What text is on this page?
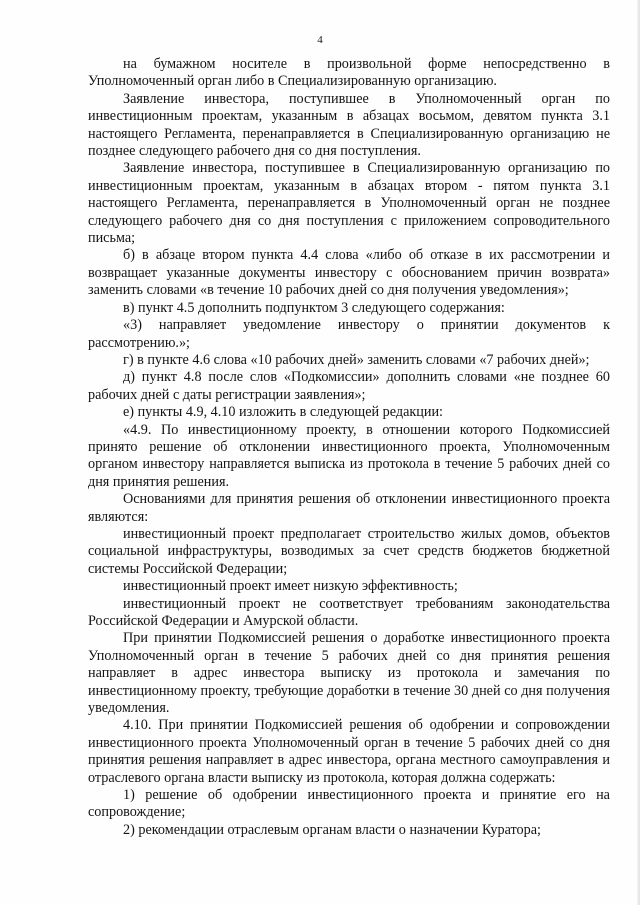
4

на бумажном носителе в произвольной форме непосредственно в Уполномоченный орган либо в Специализированную организацию.

Заявление инвестора, поступившее в Уполномоченный орган по инвестиционным проектам, указанным в абзацах восьмом, девятом пункта 3.1 настоящего Регламента, перенаправляется в Специализированную организацию не позднее следующего рабочего дня со дня поступления.

Заявление инвестора, поступившее в Специализированную организацию по инвестиционным проектам, указанным в абзацах втором - пятом пункта 3.1 настоящего Регламента, перенаправляется в Уполномоченный орган не позднее следующего рабочего дня со дня поступления с приложением сопроводительного письма;

б) в абзаце втором пункта 4.4 слова «либо об отказе в их рассмотрении и возвращает указанные документы инвестору с обоснованием причин возврата» заменить словами «в течение 10 рабочих дней со дня получения уведомления»;

в) пункт 4.5 дополнить подпунктом 3 следующего содержания:

«3) направляет уведомление инвестору о принятии документов к рассмотрению.»;

г) в пункте 4.6 слова «10 рабочих дней» заменить словами «7 рабочих дней»;

д) пункт 4.8 после слов «Подкомиссии» дополнить словами «не позднее 60 рабочих дней с даты регистрации заявления»;

е) пункты 4.9, 4.10 изложить в следующей редакции:

«4.9. По инвестиционному проекту, в отношении которого Подкомиссией принято решение об отклонении инвестиционного проекта, Уполномоченным органом инвестору направляется выписка из протокола в течение 5 рабочих дней со дня принятия решения.

Основаниями для принятия решения об отклонении инвестиционного проекта являются:

инвестиционный проект предполагает строительство жилых домов, объектов социальной инфраструктуры, возводимых за счет средств бюджетов бюджетной системы Российской Федерации;

инвестиционный проект имеет низкую эффективность;

инвестиционный проект не соответствует требованиям законодательства Российской Федерации и Амурской области.

При принятии Подкомиссией решения о доработке инвестиционного проекта Уполномоченный орган в течение 5 рабочих дней со дня принятия решения направляет в адрес инвестора выписку из протокола и замечания по инвестиционному проекту, требующие доработки в течение 30 дней со дня получения уведомления.

4.10. При принятии Подкомиссией решения об одобрении и сопровождении инвестиционного проекта Уполномоченный орган в течение 5 рабочих дней со дня принятия решения направляет в адрес инвестора, органа местного самоуправления и отраслевого органа власти выписку из протокола, которая должна содержать:

1) решение об одобрении инвестиционного проекта и принятие его на сопровождение;

2) рекомендации отраслевым органам власти о назначении Куратора;
